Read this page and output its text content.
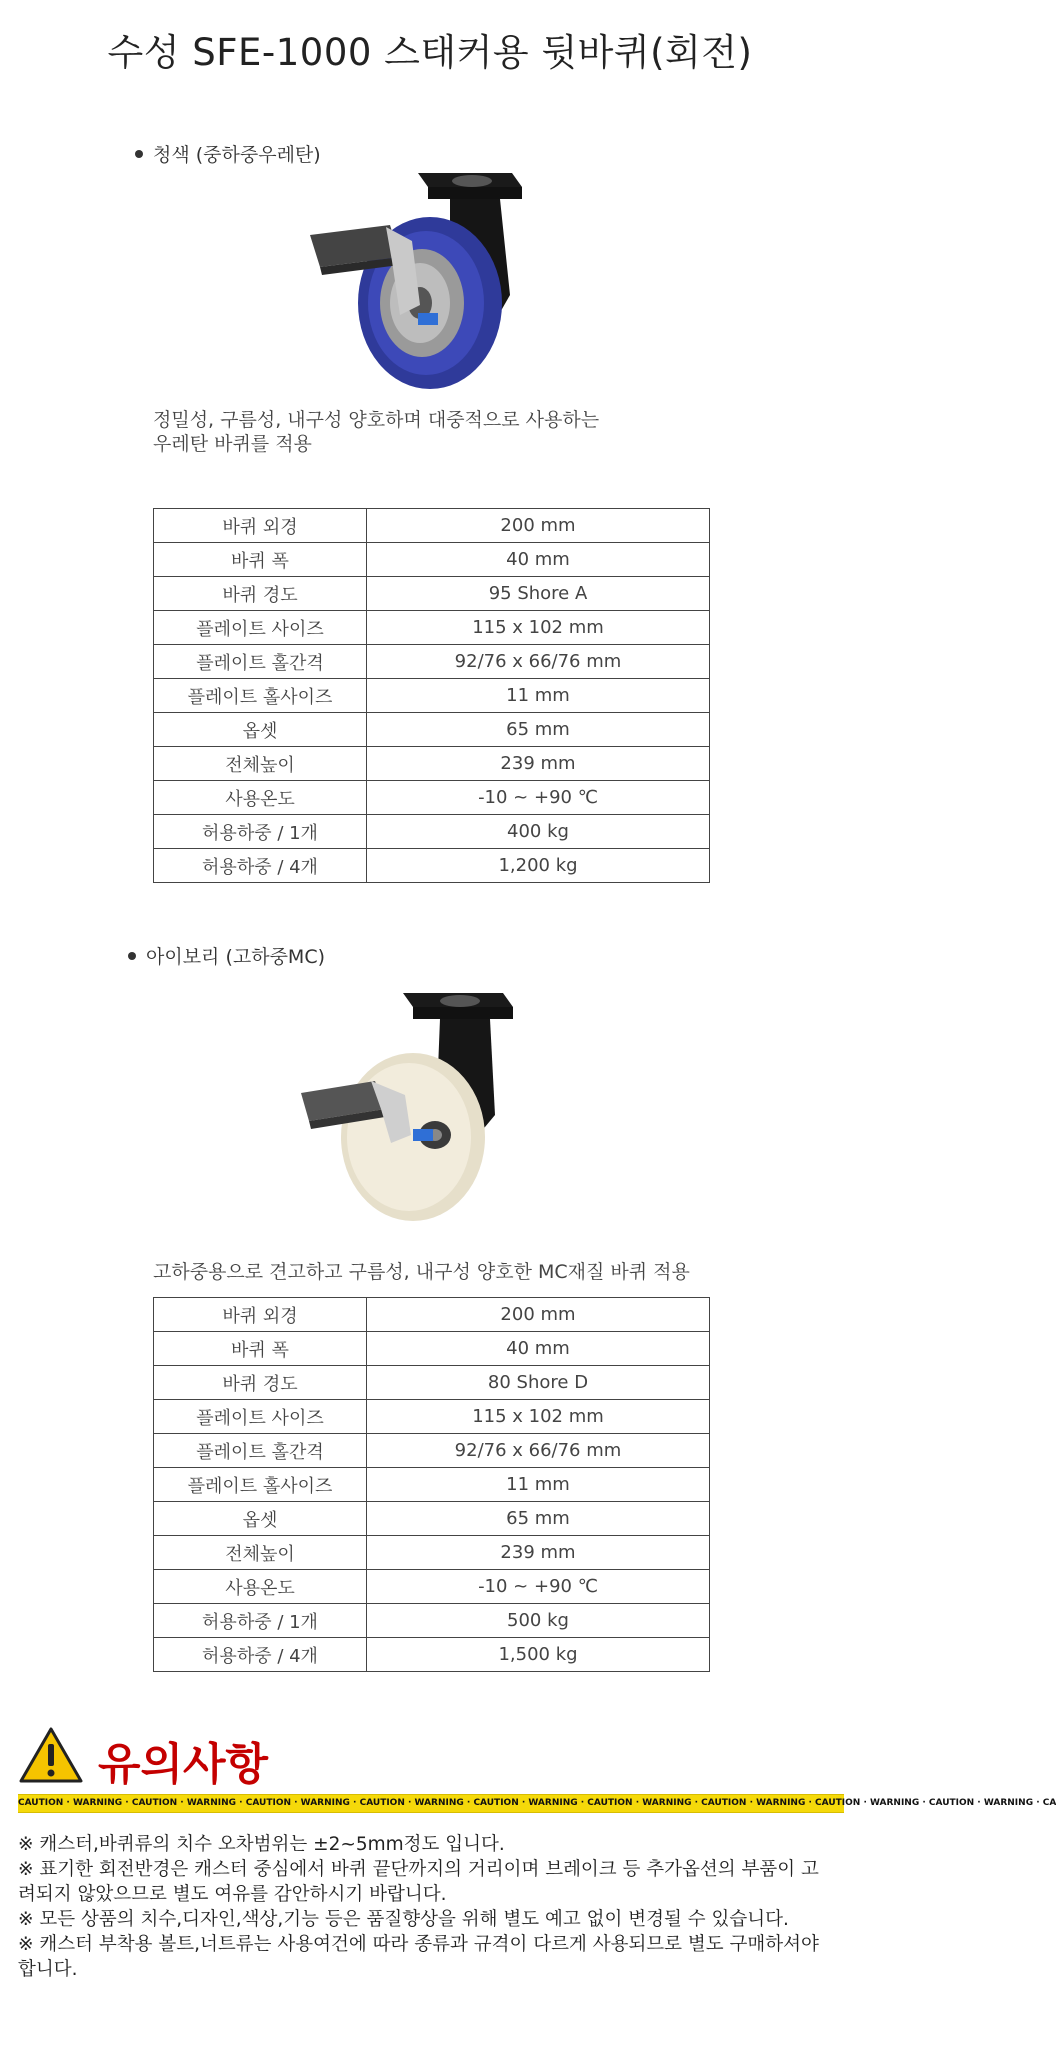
수성 SFE-1000 스태커용 뒷바퀴(회전)
청색 (중하중우레탄)
정밀성, 구름성, 내구성 양호하며 대중적으로 사용하는
우레탄 바퀴를 적용
바퀴 외경	200 mm
바퀴 폭	40 mm
바퀴 경도	95 Shore A
플레이트 사이즈	115 x 102 mm
플레이트 홀간격	92/76 x 66/76 mm
플레이트 홀사이즈	11 mm
옵셋	65 mm
전체높이	239 mm
사용온도	-10 ~ +90 ℃
허용하중 / 1개	400 kg
허용하중 / 4개	1,200 kg
아이보리 (고하중MC)
고하중용으로 견고하고 구름성, 내구성 양호한 MC재질 바퀴 적용
바퀴 외경	200 mm
바퀴 폭	40 mm
바퀴 경도	80 Shore D
플레이트 사이즈	115 x 102 mm
플레이트 홀간격	92/76 x 66/76 mm
플레이트 홀사이즈	11 mm
옵셋	65 mm
전체높이	239 mm
사용온도	-10 ~ +90 ℃
허용하중 / 1개	500 kg
허용하중 / 4개	1,500 kg
유의사항
CAUTION · WARNING · CAUTION · WARNING · CAUTION · WARNING · CAUTION · WARNING · CAUTION · WARNING · CAUTION · WARNING · CAUTION · WARNING · CAUTION · WARNING · CAUTION · WARNING · CA

※ 캐스터,바퀴류의 치수 오차범위는 ±2~5mm정도 입니다.

※ 표기한 회전반경은 캐스터 중심에서 바퀴 끝단까지의 거리이며 브레이크 등 추가옵션의 부품이 고

려되지 않았으므로 별도 여유를 감안하시기 바랍니다.

※ 모든 상품의 치수,디자인,색상,기능 등은 품질향상을 위해 별도 예고 없이 변경될 수 있습니다.

※ 캐스터 부착용 볼트,너트류는 사용여건에 따라 종류과 규격이 다르게 사용되므로 별도 구매하셔야

합니다.
